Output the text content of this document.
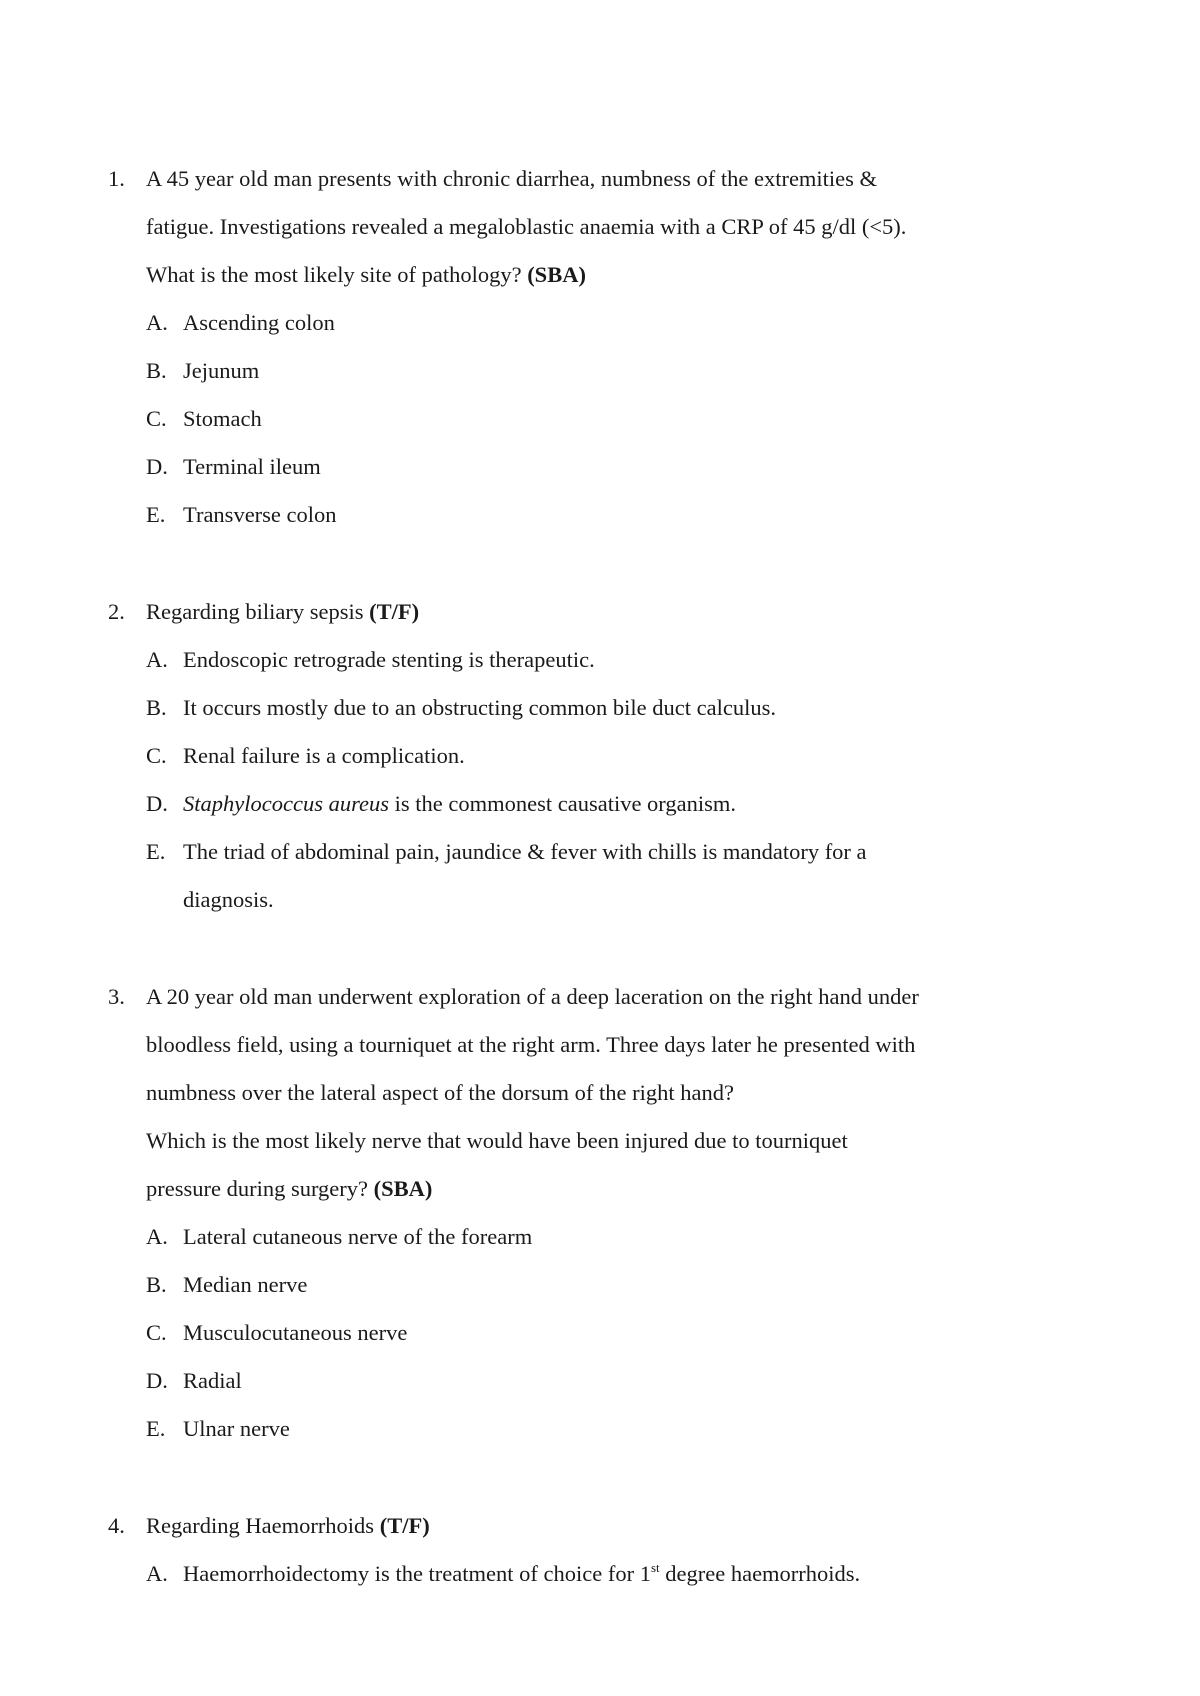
1. A 45 year old man presents with chronic diarrhea, numbness of the extremities &
fatigue. Investigations revealed a megaloblastic anaemia with a CRP of 45 g/dl (<5).
What is the most likely site of pathology? (SBA)
A. Ascending colon
B. Jejunum
C. Stomach
D. Terminal ileum
E. Transverse colon
2. Regarding biliary sepsis (T/F)
A. Endoscopic retrograde stenting is therapeutic.
B. It occurs mostly due to an obstructing common bile duct calculus.
C. Renal failure is a complication.
D. Staphylococcus aureus is the commonest causative organism.
E. The triad of abdominal pain, jaundice & fever with chills is mandatory for a
diagnosis.
3. A 20 year old man underwent exploration of a deep laceration on the right hand under
bloodless field, using a tourniquet at the right arm. Three days later he presented with
numbness over the lateral aspect of the dorsum of the right hand?
Which is the most likely nerve that would have been injured due to tourniquet
pressure during surgery? (SBA)
A. Lateral cutaneous nerve of the forearm
B. Median nerve
C. Musculocutaneous nerve
D. Radial
E. Ulnar nerve
4. Regarding Haemorrhoids (T/F)
A. Haemorrhoidectomy is the treatment of choice for 1st degree haemorrhoids.
